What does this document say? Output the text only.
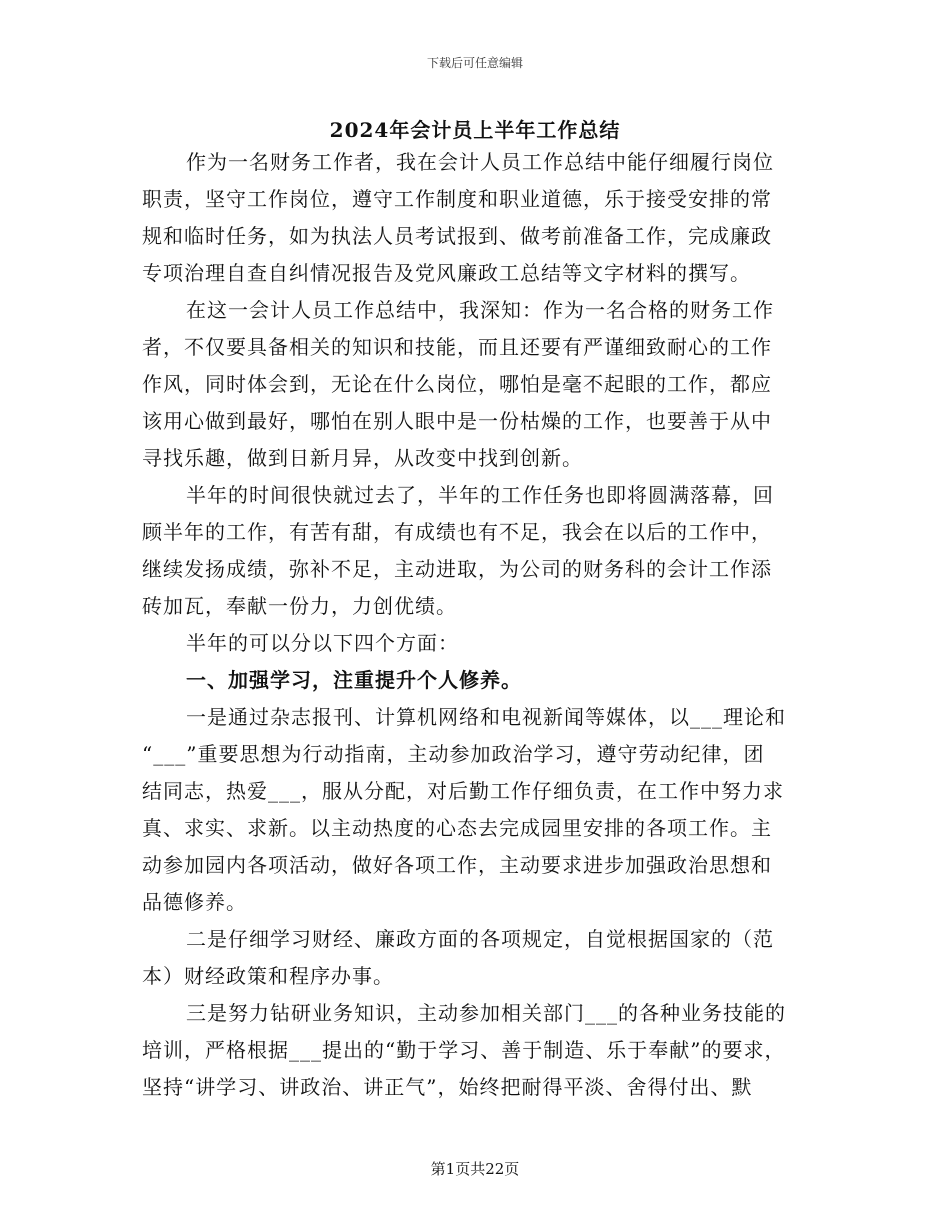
下载后可任意编辑
2024年会计员上半年工作总结
作为一名财务工作者，我在会计人员工作总结中能仔细履行岗位
职责，坚守工作岗位，遵守工作制度和职业道德，乐于接受安排的常
规和临时任务，如为执法人员考试报到、做考前准备工作，完成廉政
专项治理自查自纠情况报告及党风廉政工总结等文字材料的撰写。
在这一会计人员工作总结中，我深知：作为一名合格的财务工作
者，不仅要具备相关的知识和技能，而且还要有严谨细致耐心的工作
作风，同时体会到，无论在什么岗位，哪怕是毫不起眼的工作，都应
该用心做到最好，哪怕在别人眼中是一份枯燥的工作，也要善于从中
寻找乐趣，做到日新月异，从改变中找到创新。
半年的时间很快就过去了，半年的工作任务也即将圆满落幕，回
顾半年的工作，有苦有甜，有成绩也有不足，我会在以后的工作中，
继续发扬成绩，弥补不足，主动进取，为公司的财务科的会计工作添
砖加瓦，奉献一份力，力创优绩。
半年的可以分以下四个方面：
一、加强学习，注重提升个人修养。
一是通过杂志报刊、计算机网络和电视新闻等媒体，以___理论和
“___”重要思想为行动指南，主动参加政治学习，遵守劳动纪律，团
结同志，热爱___，服从分配，对后勤工作仔细负责，在工作中努力求
真、求实、求新。以主动热度的心态去完成园里安排的各项工作。主
动参加园内各项活动，做好各项工作，主动要求进步加强政治思想和
品德修养。
二是仔细学习财经、廉政方面的各项规定，自觉根据国家的（范
本）财经政策和程序办事。
三是努力钻研业务知识，主动参加相关部门___的各种业务技能的
培训，严格根据___提出的“勤于学习、善于制造、乐于奉献”的要求，
坚持“讲学习、讲政治、讲正气”，始终把耐得平淡、舍得付出、默
第1页共22页
